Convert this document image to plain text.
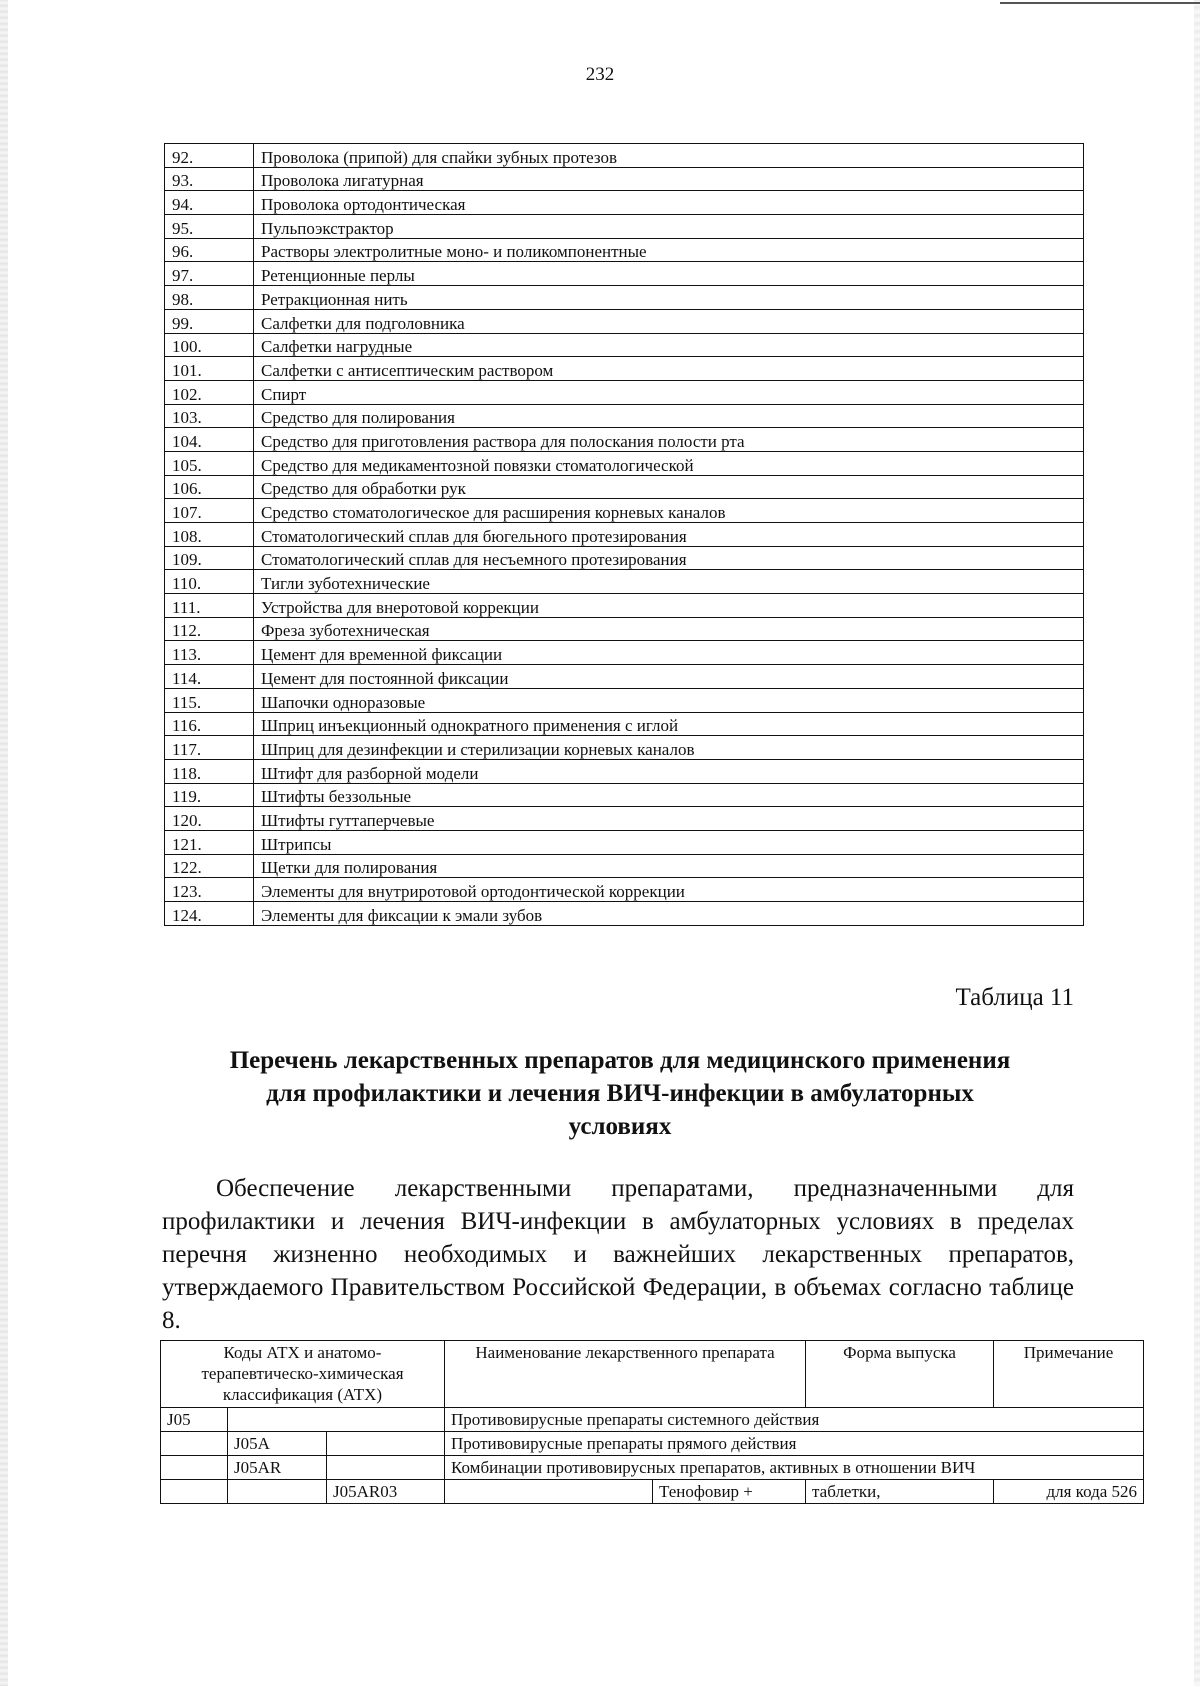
232
92.	Проволока (припой) для спайки зубных протезов
93.	Проволока лигатурная
94.	Проволока ортодонтическая
95.	Пульпоэкстрактор
96.	Растворы электролитные моно- и поликомпонентные
97.	Ретенционные перлы
98.	Ретракционная нить
99.	Салфетки для подголовника
100.	Салфетки нагрудные
101.	Салфетки с антисептическим раствором
102.	Спирт
103.	Средство для полирования
104.	Средство для приготовления раствора для полоскания полости рта
105.	Средство для медикаментозной повязки стоматологической
106.	Средство для обработки рук
107.	Средство стоматологическое для расширения корневых каналов
108.	Стоматологический сплав для бюгельного протезирования
109.	Стоматологический сплав для несъемного протезирования
110.	Тигли зуботехнические
111.	Устройства для внеротовой коррекции
112.	Фреза зуботехническая
113.	Цемент для временной фиксации
114.	Цемент для постоянной фиксации
115.	Шапочки одноразовые
116.	Шприц инъекционный однократного применения с иглой
117.	Шприц для дезинфекции и стерилизации корневых каналов
118.	Штифт для разборной модели
119.	Штифты беззольные
120.	Штифты гуттаперчевые
121.	Штрипсы
122.	Щетки для полирования
123.	Элементы для внутриротовой ортодонтической коррекции
124.	Элементы для фиксации к эмали зубов
Таблица 11
Перечень лекарственных препаратов для медицинского применения
для профилактики и лечения ВИЧ-инфекции в амбулаторных
условиях

Обеспечение лекарственными препаратами, предназначенными для профилактики и лечения ВИЧ-инфекции в амбулаторных условиях в пределах перечня жизненно необходимых и важнейших лекарственных препаратов, утверждаемого Правительством Российской Федерации, в объемах согласно таблице 8.

Коды АТХ и анатомо-терапевтическо-химическая классификация (АТХ)			Наименование лекарственного препарата		Форма выпуска	Примечание
J05			Противовирусные препараты системного действия			
	J05A		Противовирусные препараты прямого действия			
	J05AR		Комбинации противовирусных препаратов, активных в отношении ВИЧ			
		J05AR03		Тенофовир +	таблетки,	для кода 526
